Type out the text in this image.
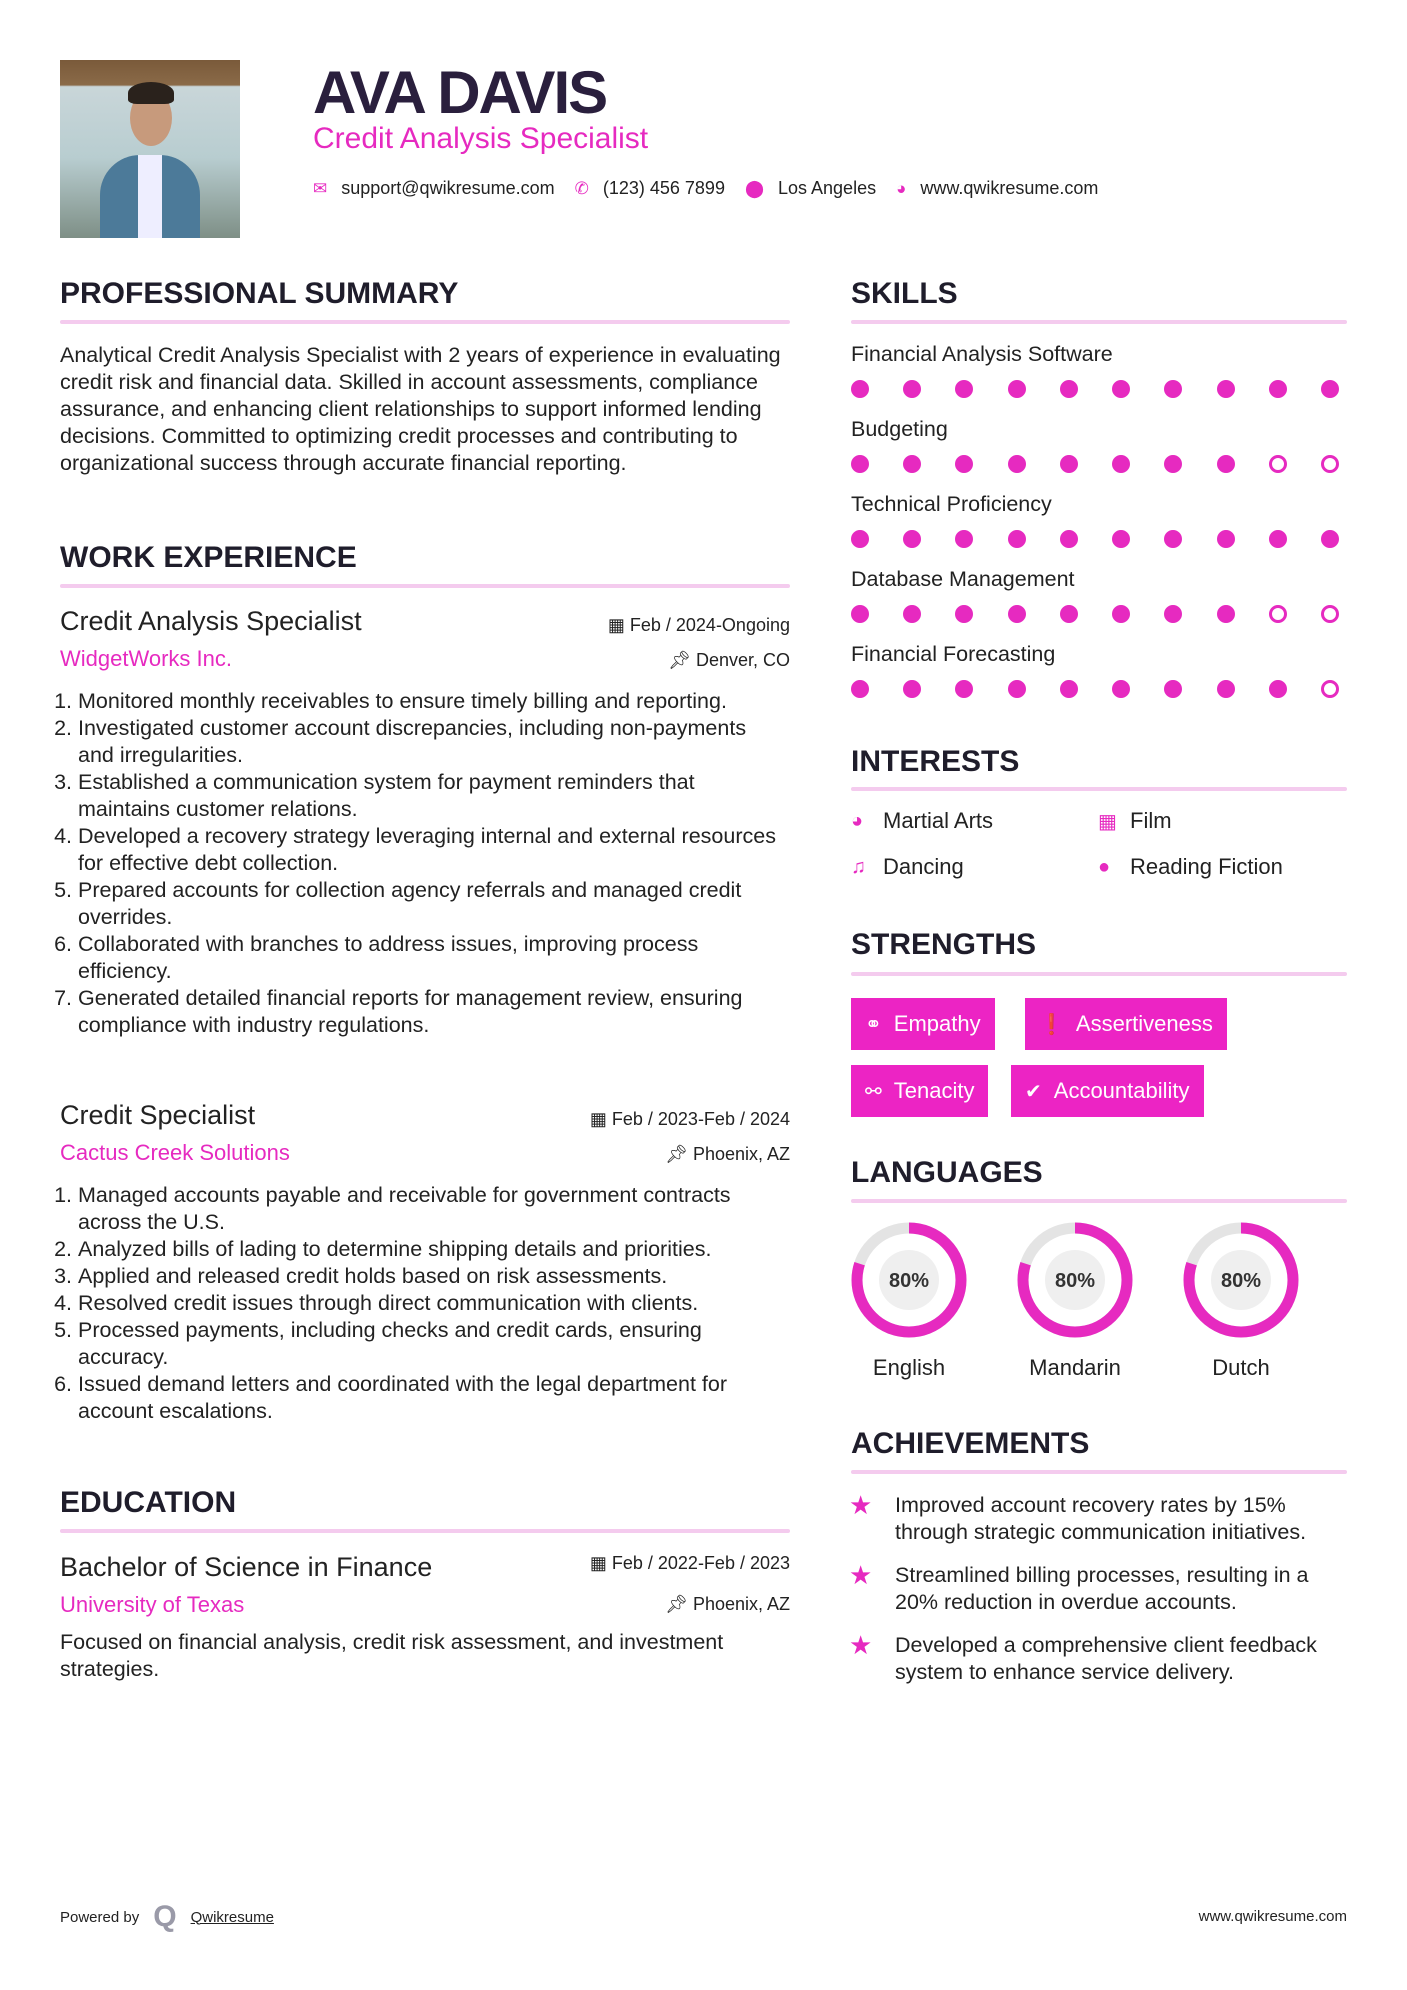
AVA DAVIS
Credit Analysis Specialist
✉ support@qwikresume.com ✆ (123) 456 7899 ⬤ Los Angeles ◕ www.qwikresume.com
PROFESSIONAL SUMMARY
Analytical Credit Analysis Specialist with 2 years of experience in evaluating credit risk and financial data. Skilled in account assessments, compliance assurance, and enhancing client relationships to support informed lending decisions. Committed to optimizing credit processes and contributing to organizational success through accurate financial reporting.
WORK EXPERIENCE
Credit Analysis Specialist	▦ Feb / 2024-Ongoing
WidgetWorks Inc.	📌︎ Denver, CO
1. Monitored monthly receivables to ensure timely billing and reporting.
2. Investigated customer account discrepancies, including non-payments and irregularities.
3. Established a communication system for payment reminders that maintains customer relations.
4. Developed a recovery strategy leveraging internal and external resources for effective debt collection.
5. Prepared accounts for collection agency referrals and managed credit overrides.
6. Collaborated with branches to address issues, improving process efficiency.
7. Generated detailed financial reports for management review, ensuring compliance with industry regulations.
Credit Specialist	▦ Feb / 2023-Feb / 2024
Cactus Creek Solutions	📌︎ Phoenix, AZ
1. Managed accounts payable and receivable for government contracts across the U.S.
2. Analyzed bills of lading to determine shipping details and priorities.
3. Applied and released credit holds based on risk assessments.
4. Resolved credit issues through direct communication with clients.
5. Processed payments, including checks and credit cards, ensuring accuracy.
6. Issued demand letters and coordinated with the legal department for account escalations.
EDUCATION
Bachelor of Science in Finance	▦ Feb / 2022-Feb / 2023
University of Texas	📌︎ Phoenix, AZ
Focused on financial analysis, credit risk assessment, and investment strategies.
SKILLS
Financial Analysis Software
Budgeting
Technical Proficiency
Database Management
Financial Forecasting
INTERESTS
◕ Martial Arts	▦ Film
♫ Dancing	● Reading Fiction
STRENGTHS
⚭ Empathy	❗ Assertiveness
⚯ Tenacity	✔ Accountability
LANGUAGES
80%
English
80%
Mandarin
80%
Dutch
ACHIEVEMENTS
★	Improved account recovery rates by 15% through strategic communication initiatives.
★	Streamlined billing processes, resulting in a 20% reduction in overdue accounts.
★	Developed a comprehensive client feedback system to enhance service delivery.
Powered by Q Qwikresume	www.qwikresume.com
